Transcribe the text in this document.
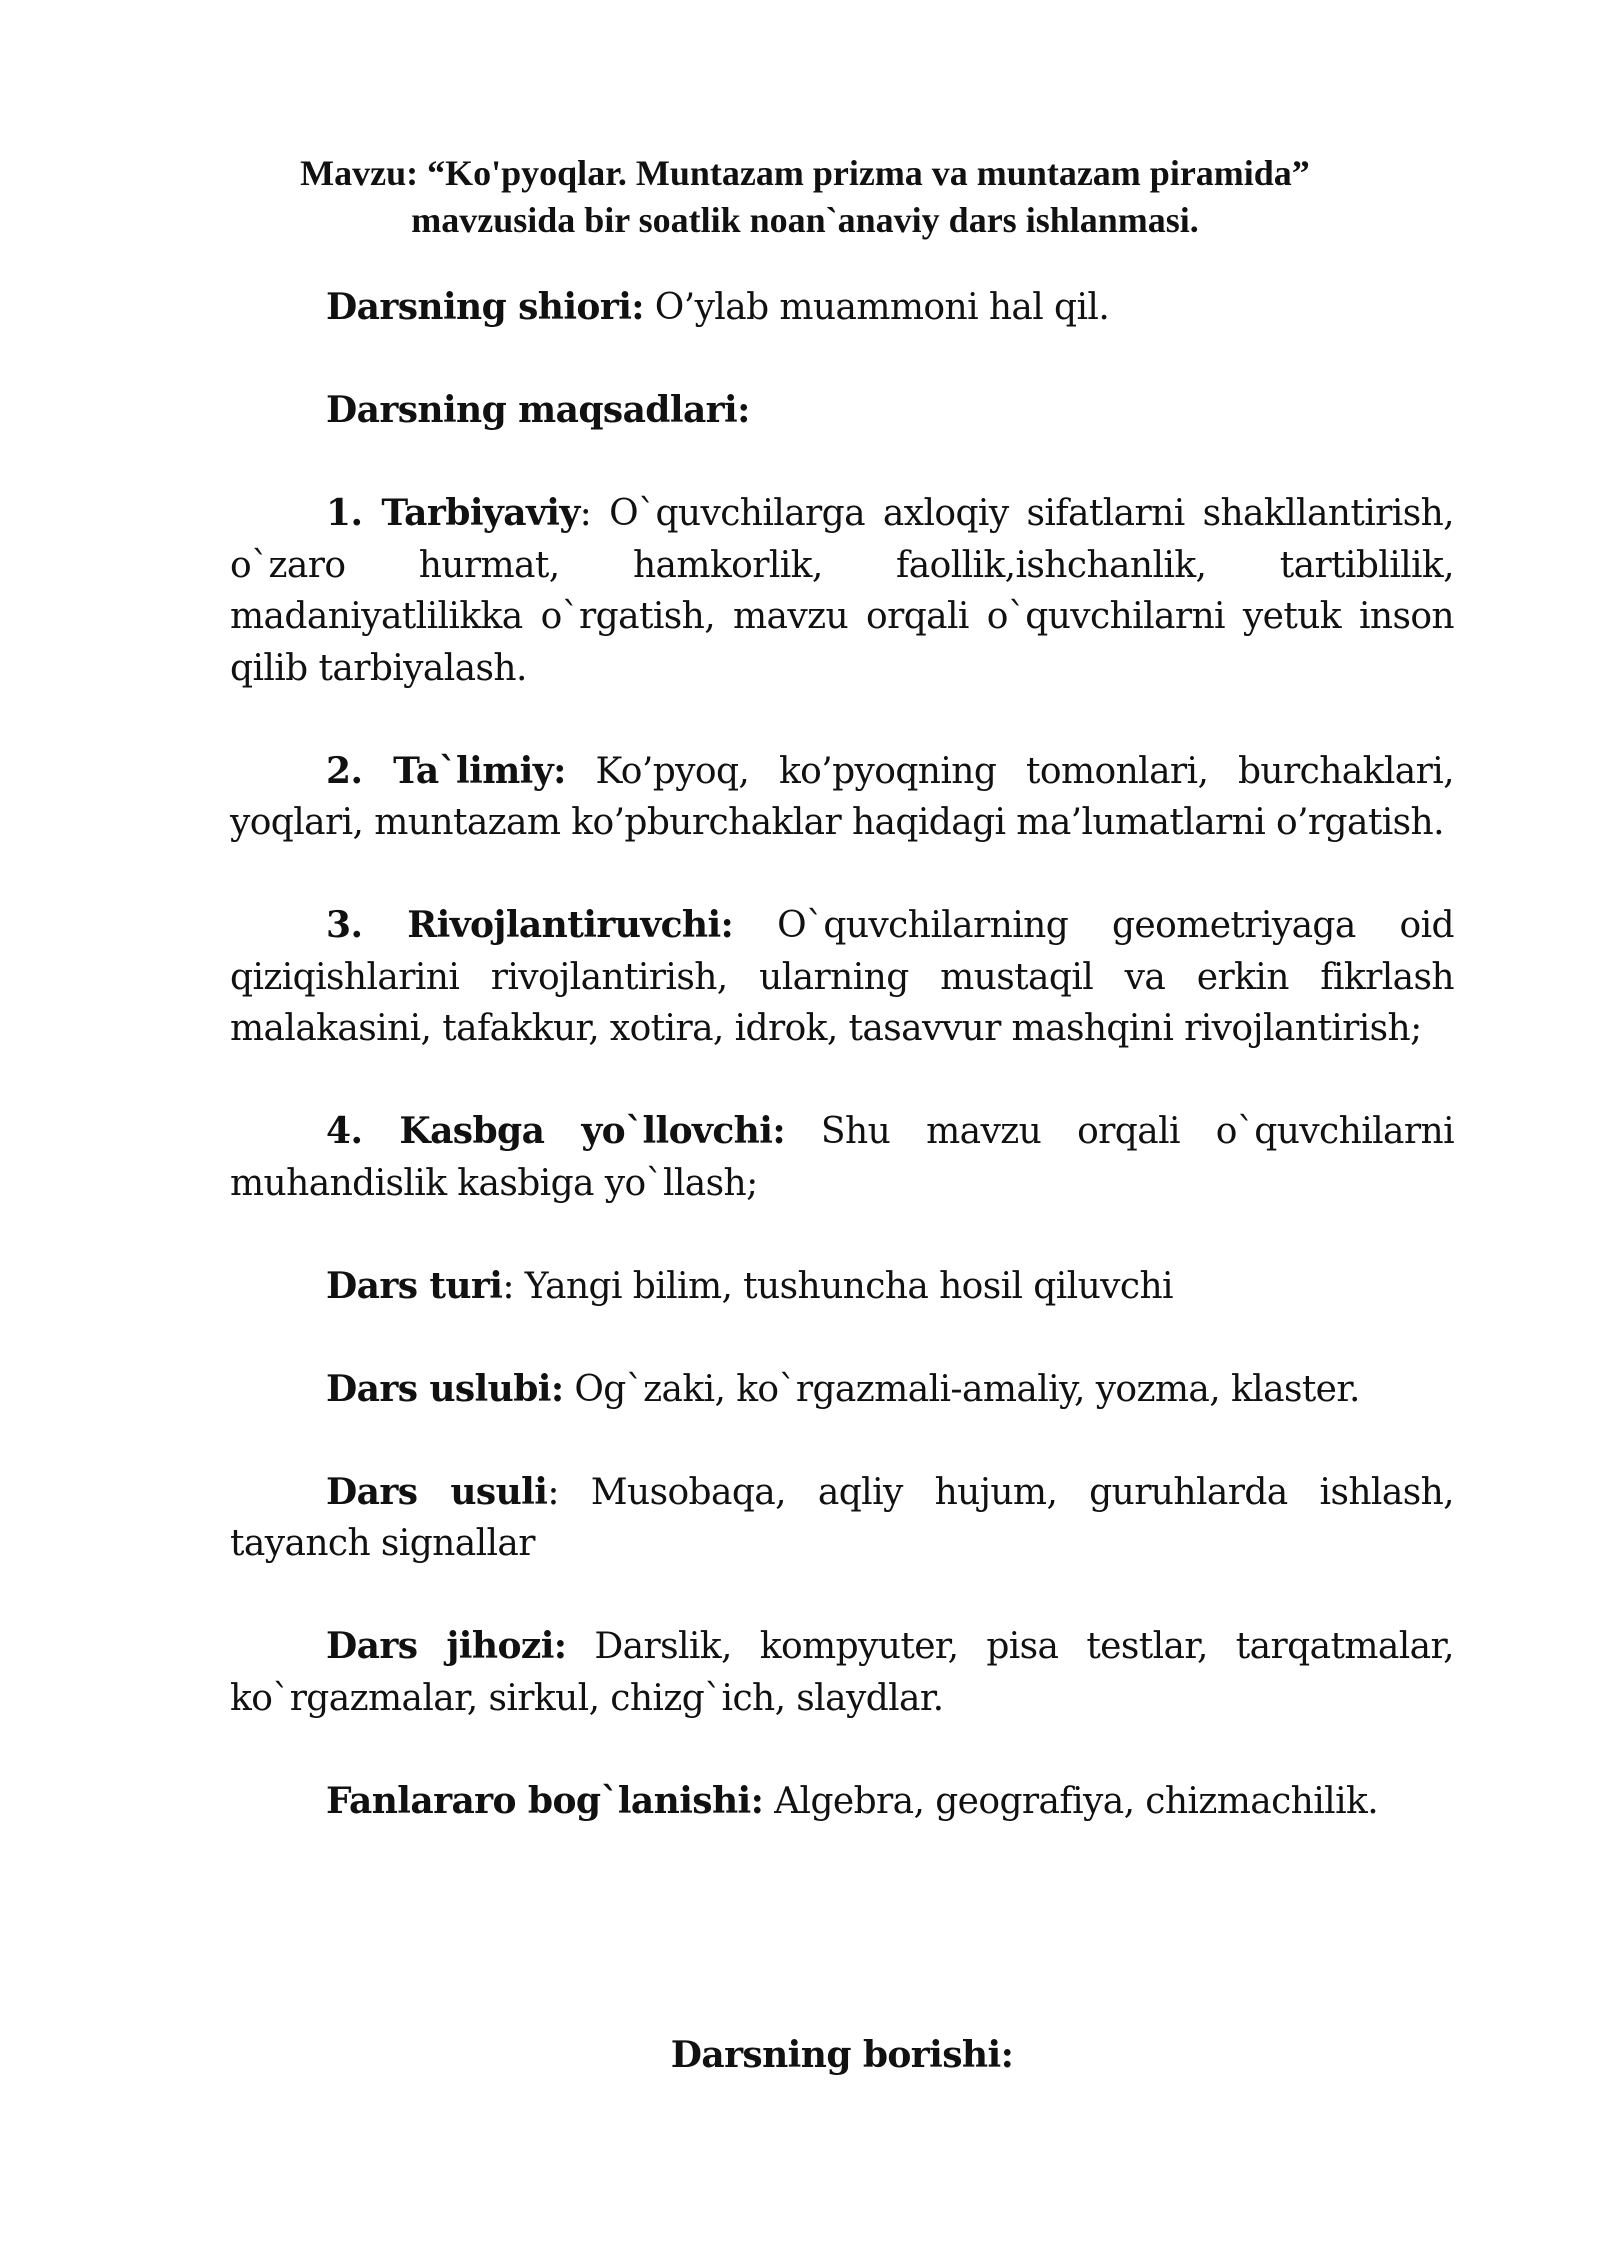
Mavzu: “Ko'pyoqlar. Muntazam prizma va muntazam piramida”
mavzusida bir soatlik noan`anaviy dars ishlanmasi.

Darsning shiori: O’ylab muammoni hal qil.

Darsning maqsadlari:

1. Tarbiyaviy: O`quvchilarga axloqiy sifatlarni shakllantirish, o`zaro hurmat, hamkorlik, faollik,ishchanlik, tartiblilik, madaniyatlilikka o`rgatish, mavzu orqali o`quvchilarni yetuk inson qilib tarbiyalash.

2. Ta`limiy: Ko’pyoq, ko’pyoqning tomonlari, burchaklari, yoqlari, muntazam ko’pburchaklar haqidagi ma’lumatlarni o’rgatish.

3. Rivojlantiruvchi: O`quvchilarning geometriyaga oid qiziqishlarini rivojlantirish, ularning mustaqil va erkin fikrlash malakasini, tafakkur, xotira, idrok, tasavvur mashqini rivojlantirish;

4. Kasbga yo`llovchi: Shu mavzu orqali o`quvchilarni muhandislik kasbiga yo`llash;

Dars turi: Yangi bilim, tushuncha hosil qiluvchi

Dars uslubi: Og`zaki, ko`rgazmali-amaliy, yozma, klaster.

Dars usuli: Musobaqa, aqliy hujum, guruhlarda ishlash, tayanch signallar

Dars jihozi: Darslik, kompyuter, pisa testlar, tarqatmalar, ko`rgazmalar, sirkul, chizg`ich, slaydlar.

Fanlararo bog`lanishi: Algebra, geografiya, chizmachilik.

Darsning borishi:
